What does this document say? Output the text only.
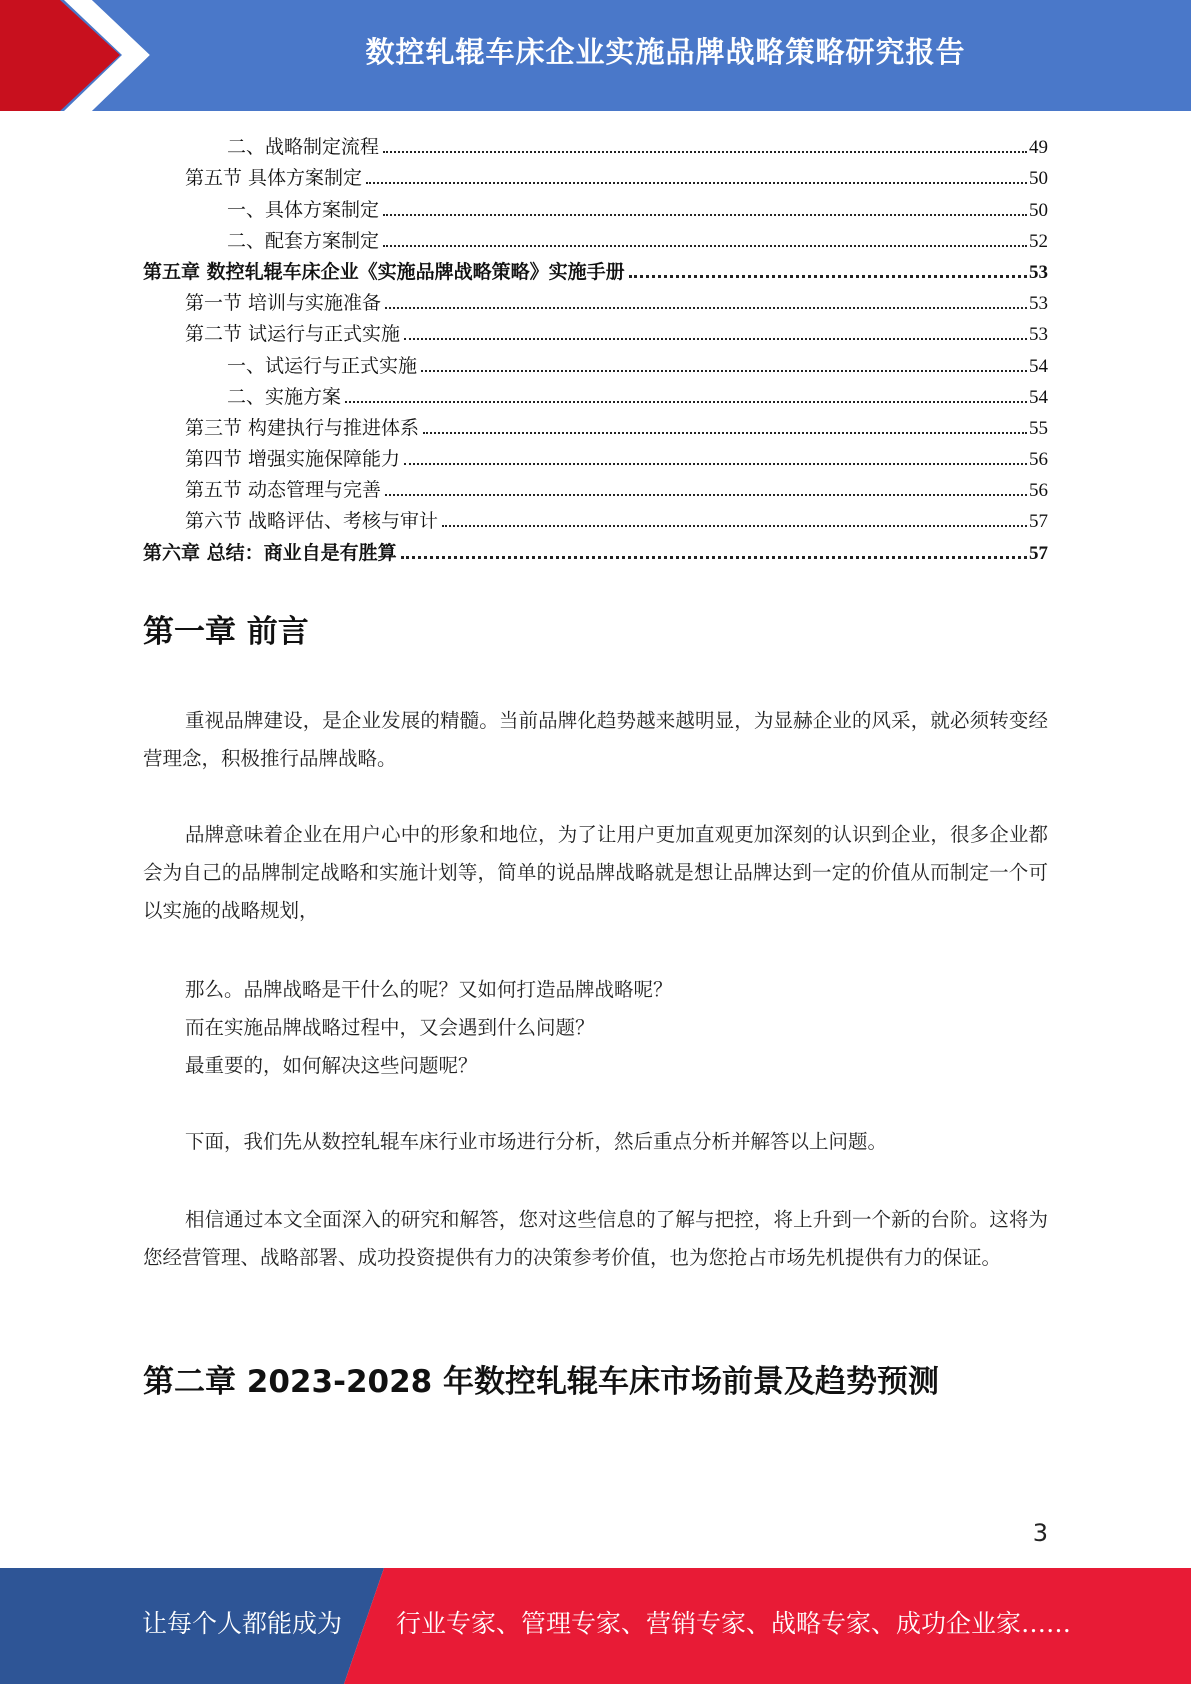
数控轧辊车床企业实施品牌战略策略研究报告
二、战略制定流程	49
第五节 具体方案制定	50
一、具体方案制定	50
二、配套方案制定	52
第五章 数控轧辊车床企业《实施品牌战略策略》实施手册	53
第一节 培训与实施准备	53
第二节 试运行与正式实施	53
一、试运行与正式实施	54
二、实施方案	54
第三节 构建执行与推进体系	55
第四节 增强实施保障能力	56
第五节 动态管理与完善	56
第六节 战略评估、考核与审计	57
第六章 总结：商业自是有胜算	57
第一章 前言
重视品牌建设，是企业发展的精髓。当前品牌化趋势越来越明显，为显赫企业的风采，就必须转变经营理念，积极推行品牌战略。
品牌意味着企业在用户心中的形象和地位，为了让用户更加直观更加深刻的认识到企业，很多企业都会为自己的品牌制定战略和实施计划等，简单的说品牌战略就是想让品牌达到一定的价值从而制定一个可以实施的战略规划，
那么。品牌战略是干什么的呢？又如何打造品牌战略呢？
而在实施品牌战略过程中，又会遇到什么问题？
最重要的，如何解决这些问题呢？
下面，我们先从数控轧辊车床行业市场进行分析，然后重点分析并解答以上问题。
相信通过本文全面深入的研究和解答，您对这些信息的了解与把控，将上升到一个新的台阶。这将为您经营管理、战略部署、成功投资提供有力的决策参考价值，也为您抢占市场先机提供有力的保证。
第二章 2023-2028 年数控轧辊车床市场前景及趋势预测
3
让每个人都能成为 行业专家、管理专家、营销专家、战略专家、成功企业家……
